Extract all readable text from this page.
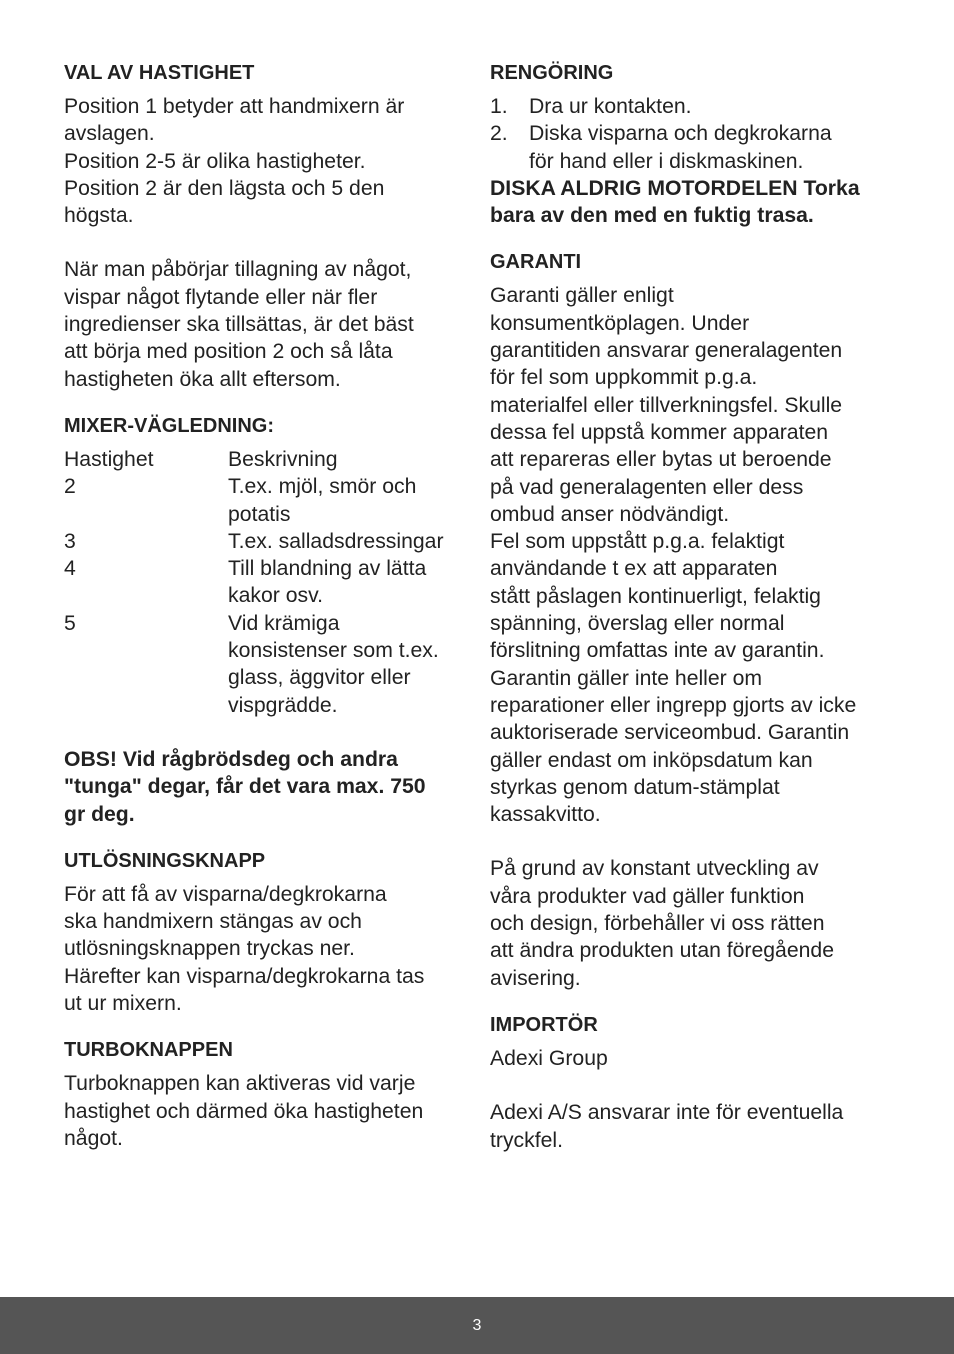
VAL AV HASTIGHET
Position 1 betyder att handmixern är
avslagen.
Position 2-5 är olika hastigheter.
Position 2 är den lägsta och 5 den
högsta.
När man påbörjar tillagning av något,
vispar något flytande eller när fler
ingredienser ska tillsättas, är det bäst
att börja med position 2 och så låta
hastigheten öka allt eftersom.
MIXER-VÄGLEDNING:
Hastighet	Beskrivning
2	T.ex. mjöl, smör och
potatis
3	T.ex. salladsdressingar
4	Till blandning av lätta
kakor osv.
5	Vid krämiga
konsistenser som t.ex.
glass, äggvitor eller
vispgrädde.
OBS! Vid rågbrödsdeg och andra
"tunga" degar, får det vara max. 750
gr deg.
UTLÖSNINGSKNAPP
För att få av visparna/degkrokarna
ska handmixern stängas av och
utlösningsknappen tryckas ner.
Härefter kan visparna/degkrokarna tas
ut ur mixern.
TURBOKNAPPEN
Turboknappen kan aktiveras vid varje
hastighet och därmed öka hastigheten
något.
RENGÖRING
1.	Dra ur kontakten.
2.	Diska visparna och degkrokarna
för hand eller i diskmaskinen.
DISKA ALDRIG MOTORDELEN Torka
bara av den med en fuktig trasa.
GARANTI
Garanti gäller enligt
konsumentköplagen. Under
garantitiden ansvarar generalagenten
för fel som uppkommit p.g.a.
materialfel eller tillverkningsfel. Skulle
dessa fel uppstå kommer apparaten
att repareras eller bytas ut beroende
på vad generalagenten eller dess
ombud anser nödvändigt.
Fel som uppstått p.g.a. felaktigt
användande t ex att apparaten
stått påslagen kontinuerligt, felaktig
spänning, överslag eller normal
förslitning omfattas inte av garantin.
Garantin gäller inte heller om
reparationer eller ingrepp gjorts av icke
auktoriserade serviceombud. Garantin
gäller endast om inköpsdatum kan
styrkas genom datum-stämplat
kassakvitto.
På grund av konstant utveckling av
våra produkter vad gäller funktion
och design, förbehåller vi oss rätten
att ändra produkten utan föregående
avisering.
IMPORTÖR
Adexi Group
Adexi A/S ansvarar inte för eventuella
tryckfel.
3
